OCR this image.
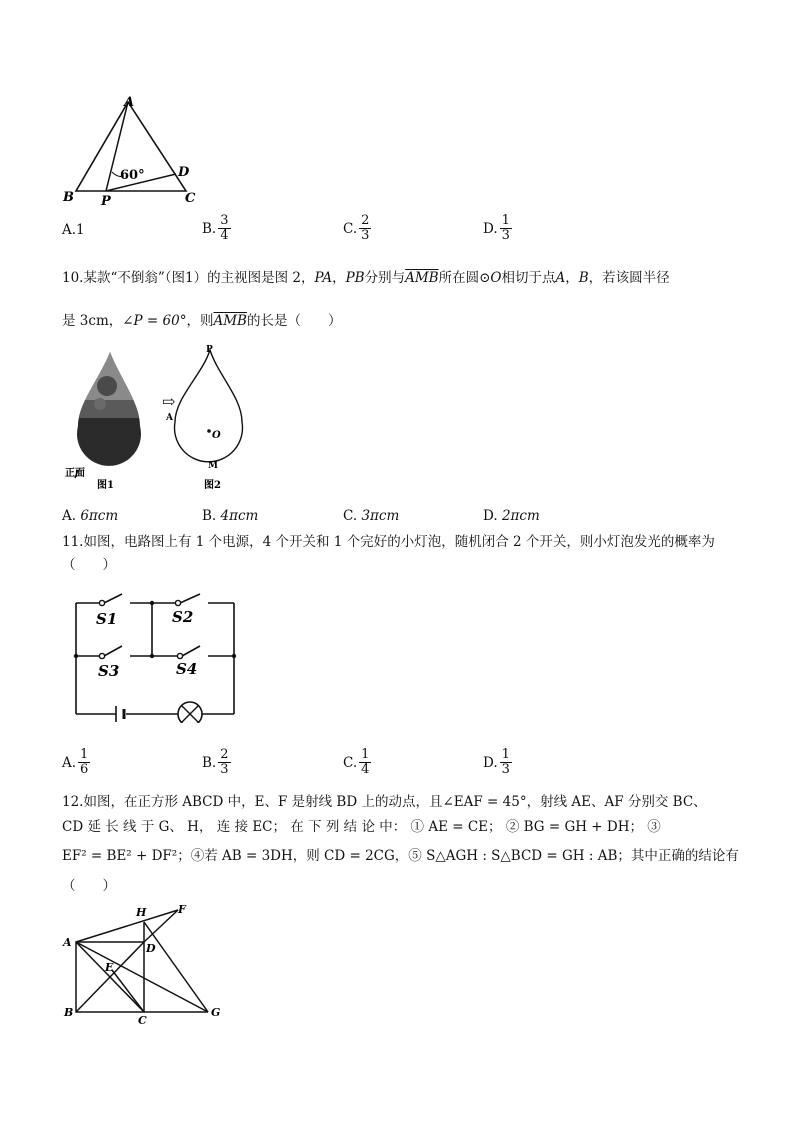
A
B P	C
D
60°
A. 1	B. $\frac{3}{4}$	C. $\frac{2}{3}$	D. $\frac{1}{3}$
10.某款“不倒翁”（图1）的主视图是图 2，PA，PB分别与$\overline{AMB}$所在圆⊙O相切于点A，B，若该圆半径
是 3cm，∠P = 60°，则$\overline{AMB}$的长是（　　）
正面
图1
⇨
P
A
O
M
图2
A.
6πcm	B.
4πcm	C.
3πcm	D.
2πcm
11.如图，电路图上有 1 个电源，4 个开关和 1 个完好的小灯泡，随机闭合 2 个开关，则小灯泡发光的概率为
（　　）
S1	S2
S3	S4
A. $\frac{1}{6}$	B. $\frac{2}{3}$	C. $\frac{1}{4}$	D. $\frac{1}{3}$
12.如图，在正方形 ABCD 中，E、F 是射线 BD 上的动点，且∠EAF = 45°，射线 AE、AF 分别交 BC、
CD 延 长 线 于 G、 H， 连 接 EC； 在 下 列 结 论 中： ① AE = CE； ② BG = GH + DH； ③
EF² = BE² + DF²；④若 AB = 3DH，则 CD = 2CG，⑤ S△AGH : S△BCD = GH : AB；其中正确的结论有
（　　）
H	F
A	D
E
B
C
G
